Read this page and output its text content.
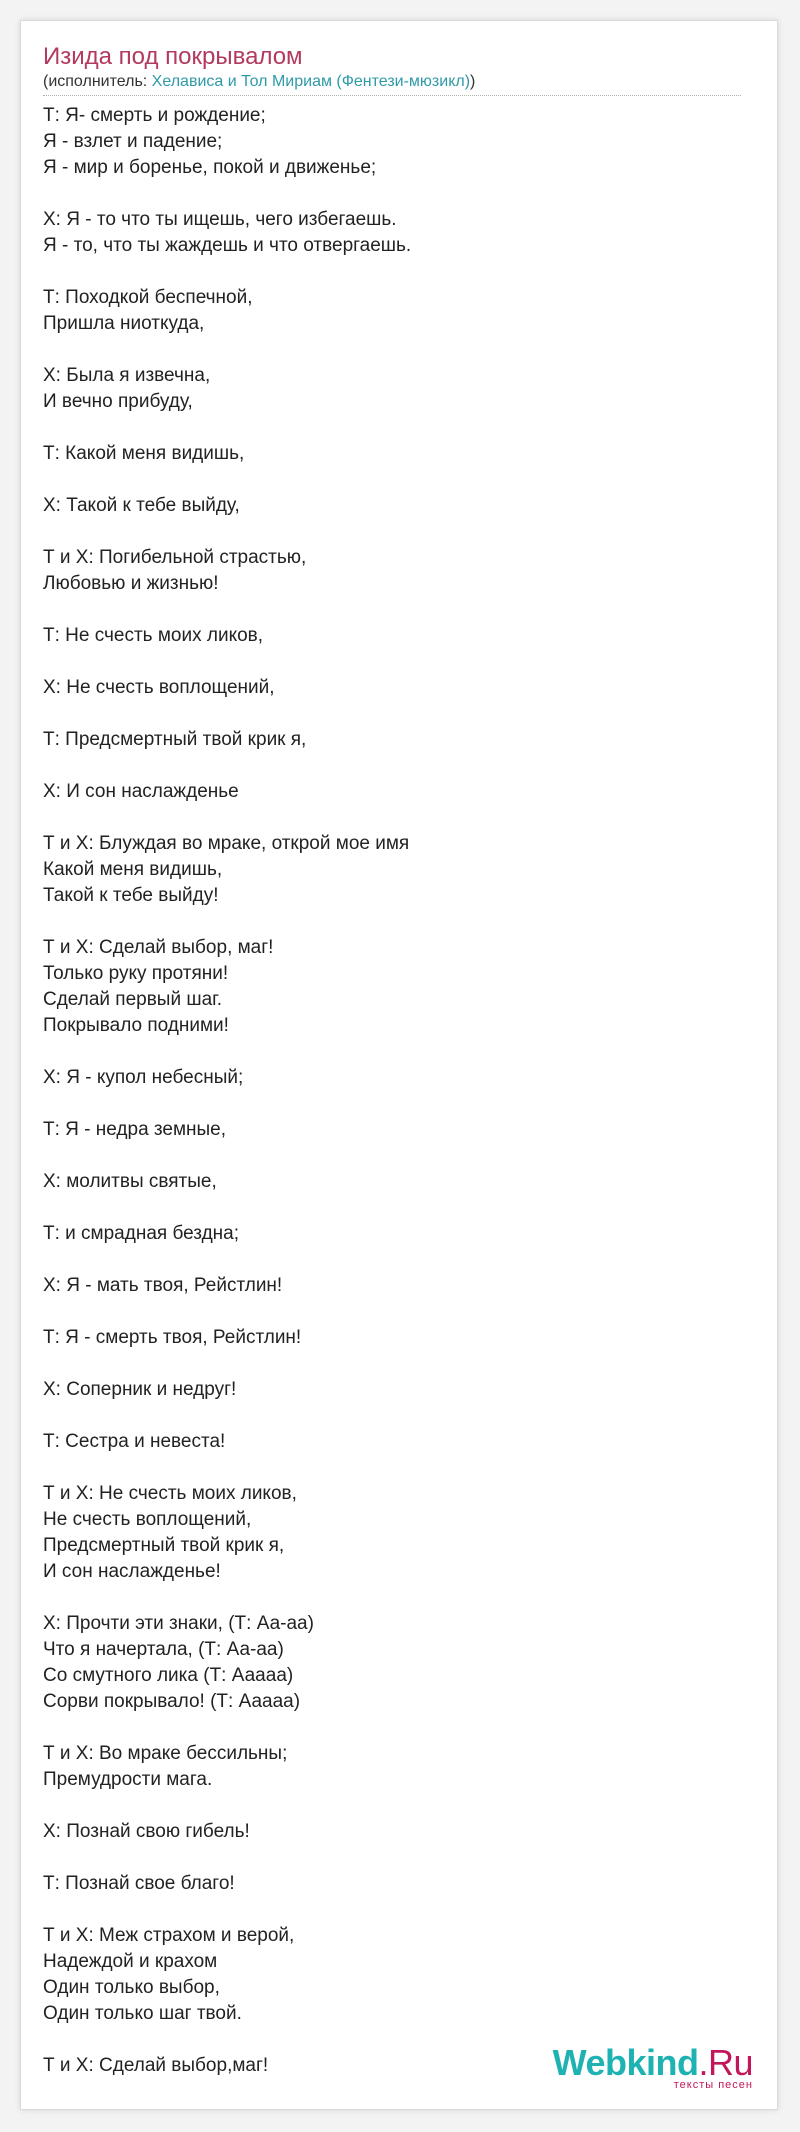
Изида под покрывалом
(исполнитель: Хелависа и Тол Мириам (Фентези-мюзикл))
Т: Я- смерть и рождение;
Я - взлет и падение;
Я - мир и боренье, покой и движенье;
Х: Я - то что ты ищешь, чего избегаешь.
Я - то, что ты жаждешь и что отвергаешь.
Т: Походкой беспечной,
Пришла ниоткуда,
Х: Была я извечна,
И вечно прибуду,
Т: Какой меня видишь,
Х: Такой к тебе выйду,
Т и Х: Погибельной страстью,
Любовью и жизнью!
Т: Не счесть моих ликов,
Х: Не счесть воплощений,
Т: Предсмертный твой крик я,
Х: И сон наслажденье
Т и Х: Блуждая во мраке, открой мое имя
Какой меня видишь,
Такой к тебе выйду!
Т и Х: Сделай выбор, маг!
Только руку протяни!
Сделай первый шаг.
Покрывало подними!
Х: Я - купол небесный;
Т: Я - недра земные,
Х: молитвы святые,
Т: и смрадная бездна;
Х: Я - мать твоя, Рейстлин!
Т: Я - смерть твоя, Рейстлин!
Х: Соперник и недруг!
Т: Сестра и невеста!
Т и Х: Не счесть моих ликов,
Не счесть воплощений,
Предсмертный твой крик я,
И сон наслажденье!
Х: Прочти эти знаки, (Т: Аа-аа)
Что я начертала, (Т: Аа-аа)
Со смутного лика (Т: Ааааа)
Сорви покрывало! (Т: Ааааа)
Т и Х: Во мраке бессильны;
Премудрости мага.
Х: Познай свою гибель!
Т: Познай свое благо!
Т и Х: Меж страхом и верой,
Надеждой и крахом
Один только выбор,
Один только шаг твой.
Т и Х: Сделай выбор,маг!	Webkind.Ru
тексты песен
